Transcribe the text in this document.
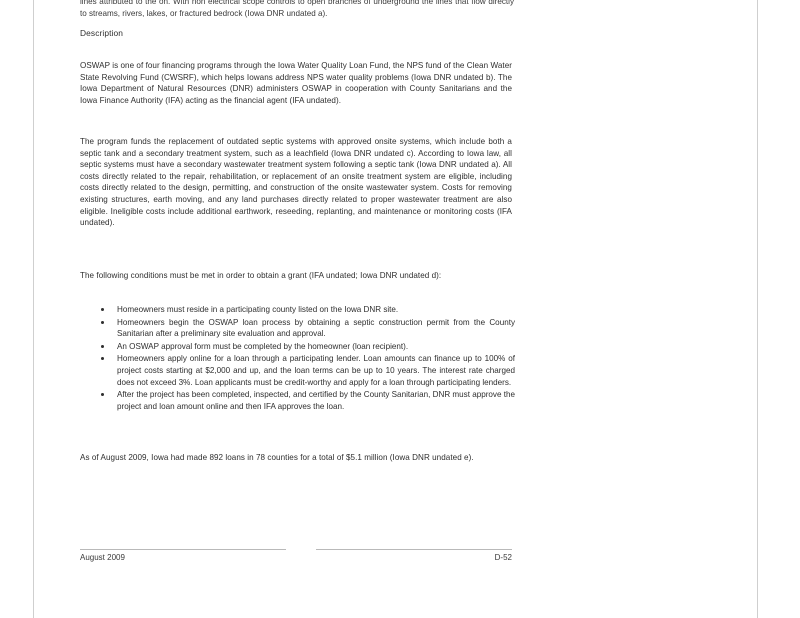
lines attributed to the on. With non electrical scope controls to open branches of underground the lines that flow directly to streams, rivers, lakes, or fractured bedrock (Iowa DNR undated a).
Description
OSWAP is one of four financing programs through the Iowa Water Quality Loan Fund, the NPS fund of the Clean Water State Revolving Fund (CWSRF), which helps Iowans address NPS water quality problems (Iowa DNR undated b). The Iowa Department of Natural Resources (DNR) administers OSWAP in cooperation with County Sanitarians and the Iowa Finance Authority (IFA) acting as the financial agent (IFA undated).
The program funds the replacement of outdated septic systems with approved onsite systems, which include both a septic tank and a secondary treatment system, such as a leachfield (Iowa DNR undated c). According to Iowa law, all septic systems must have a secondary wastewater treatment system following a septic tank (Iowa DNR undated a). All costs directly related to the repair, rehabilitation, or replacement of an onsite treatment system are eligible, including costs directly related to the design, permitting, and construction of the onsite wastewater system. Costs for removing existing structures, earth moving, and any land purchases directly related to proper wastewater treatment are also eligible. Ineligible costs include additional earthwork, reseeding, replanting, and maintenance or monitoring costs (IFA undated).
The following conditions must be met in order to obtain a grant (IFA undated; Iowa DNR undated d):
Homeowners must reside in a participating county listed on the Iowa DNR site.
Homeowners begin the OSWAP loan process by obtaining a septic construction permit from the County Sanitarian after a preliminary site evaluation and approval.
An OSWAP approval form must be completed by the homeowner (loan recipient).
Homeowners apply online for a loan through a participating lender. Loan amounts can finance up to 100% of project costs starting at $2,000 and up, and the loan terms can be up to 10 years. The interest rate charged does not exceed 3%. Loan applicants must be credit-worthy and apply for a loan through participating lenders.
After the project has been completed, inspected, and certified by the County Sanitarian, DNR must approve the project and loan amount online and then IFA approves the loan.
As of August 2009, Iowa had made 892 loans in 78 counties for a total of $5.1 million (Iowa DNR undated e).
August 2009	D-52
